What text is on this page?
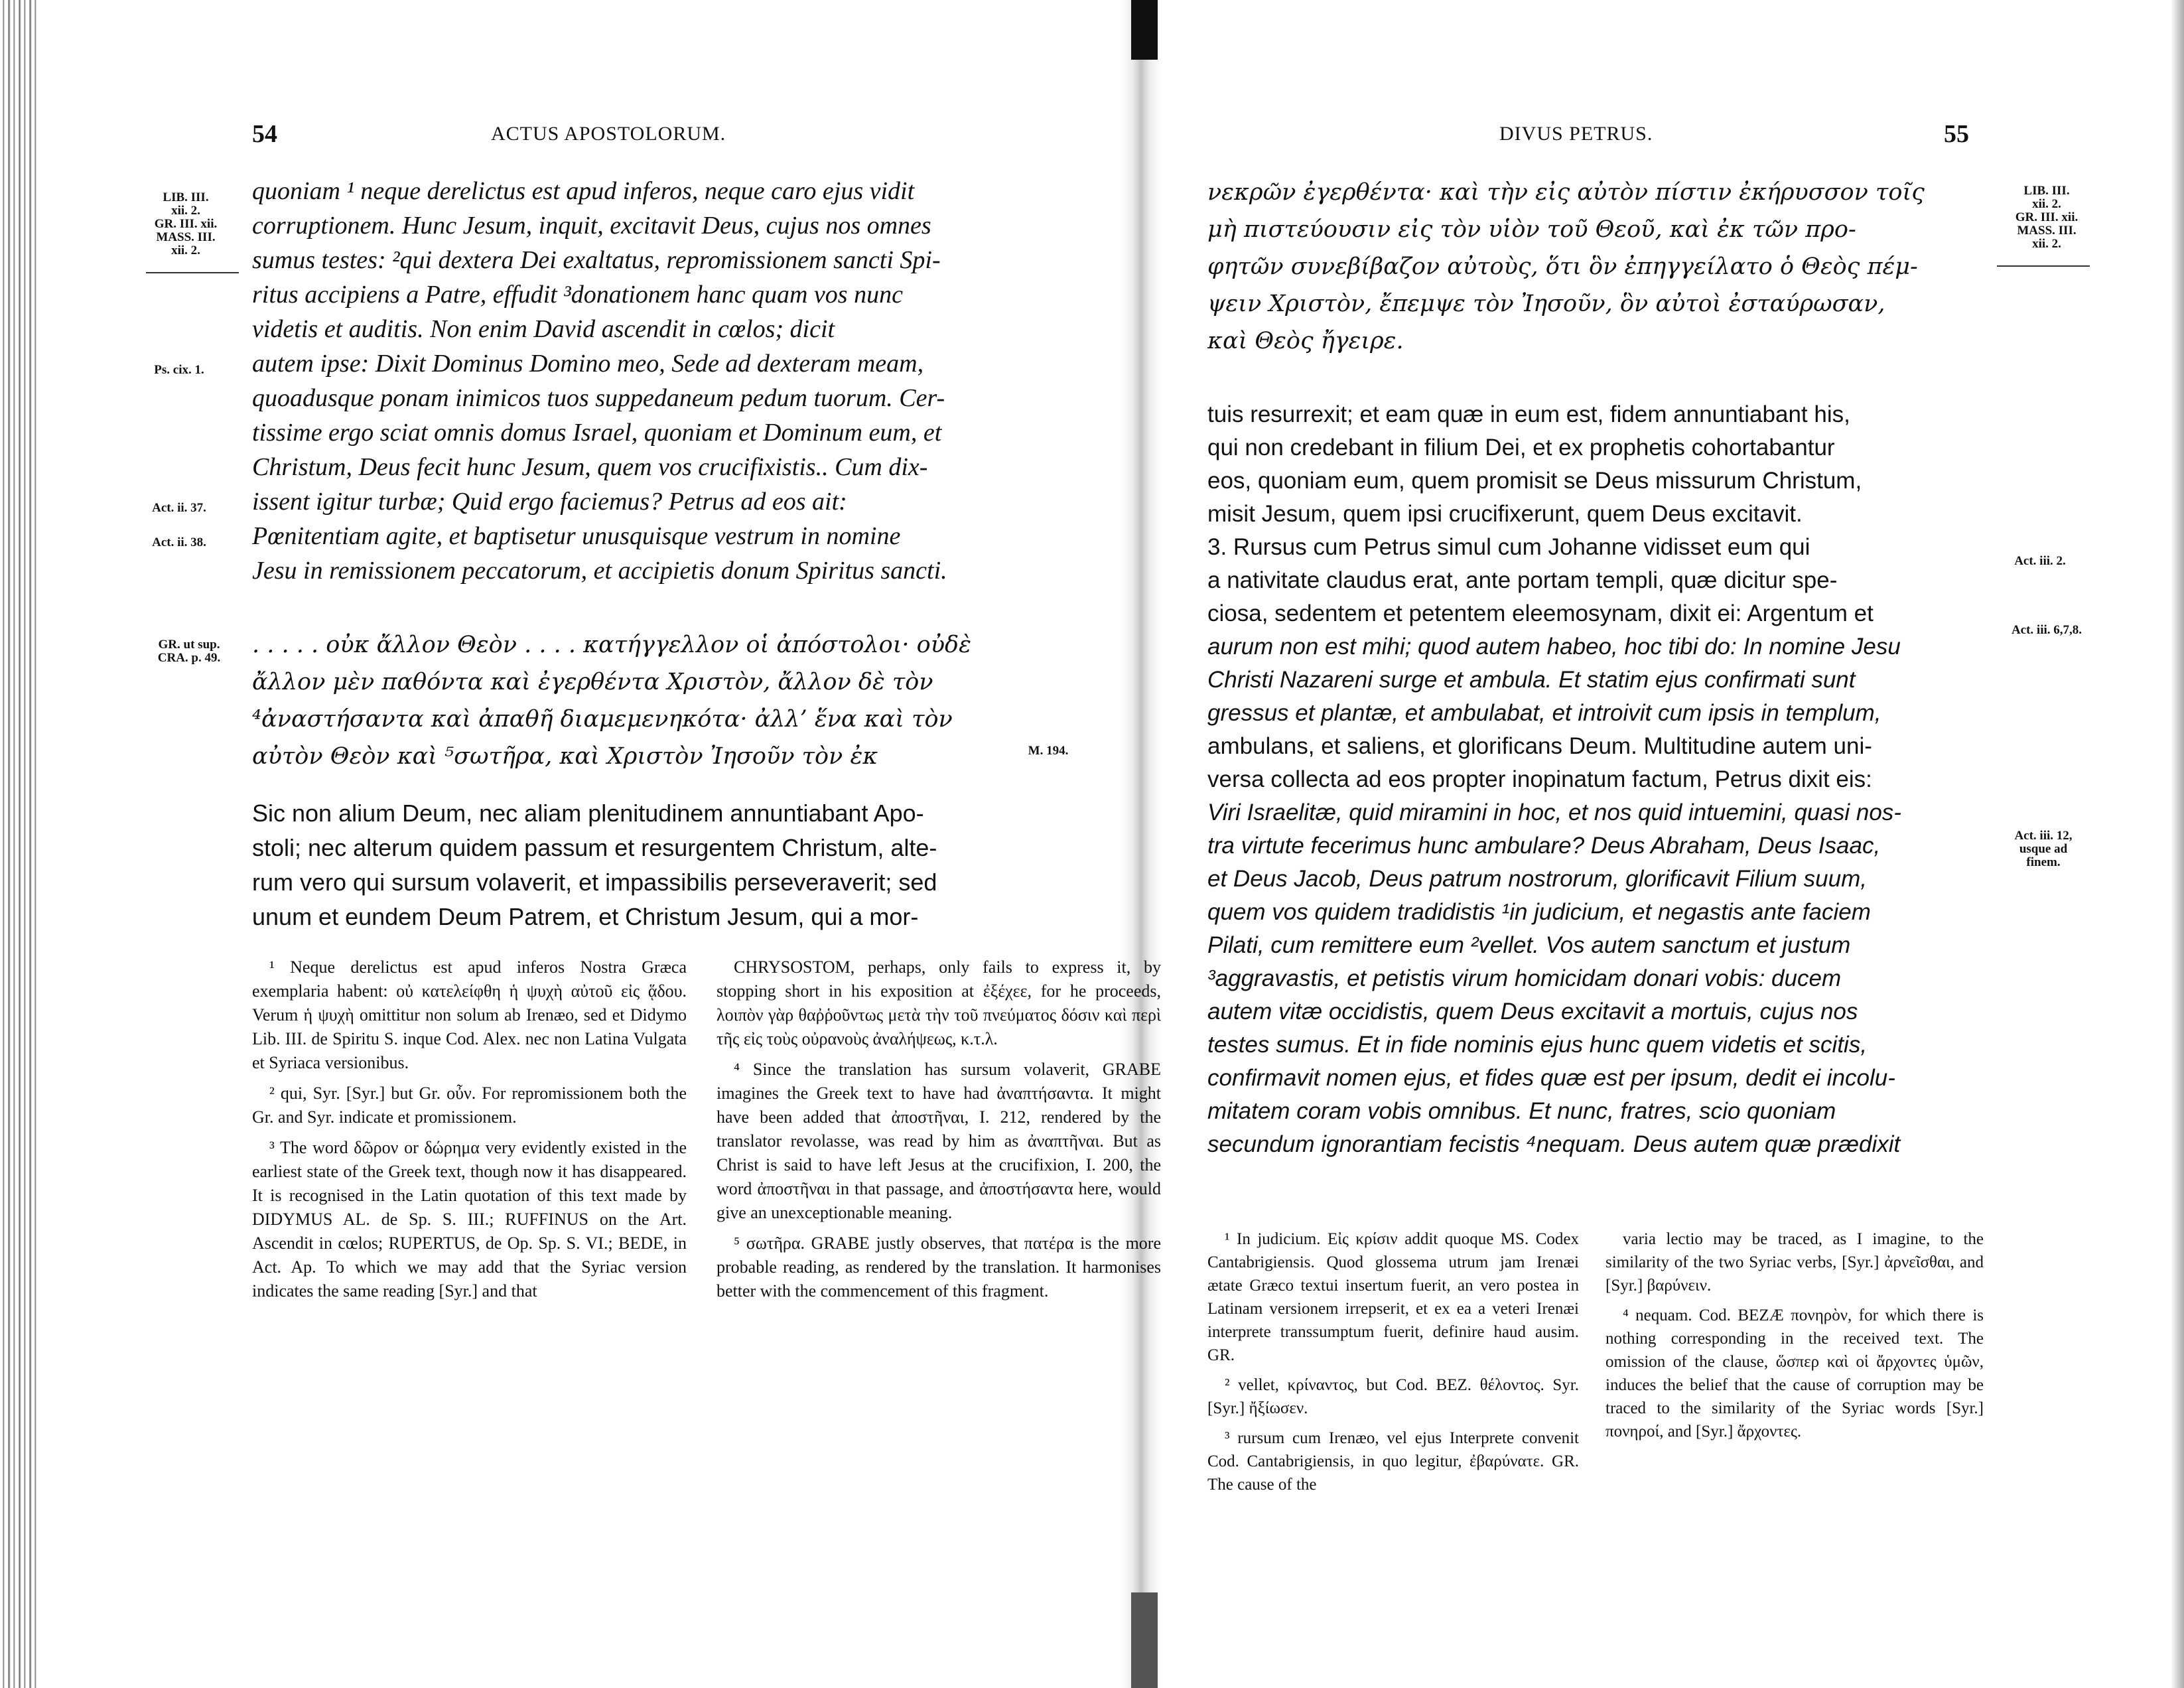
54	ACTUS APOSTOLORUM.
LIB. III.
xii. 2.
GR. III. xii.
MASS. III.
xii. 2.
Ps. cix. 1.
Act. ii. 37.
Act. ii. 38.
GR. ut sup.
CRA. p. 49.
M. 194.

quoniam ¹ neque derelictus est apud inferos, neque caro ejus vidit

corruptionem. Hunc Jesum, inquit, excitavit Deus, cujus nos omnes

sumus testes: ²qui dextera Dei exaltatus, repromissionem sancti Spi-

ritus accipiens a Patre, effudit ³donationem hanc quam vos nunc

videtis et auditis. Non enim David ascendit in cœlos; dicit

autem ipse: Dixit Dominus Domino meo, Sede ad dexteram meam,

quoadusque ponam inimicos tuos suppedaneum pedum tuorum. Cer-

tissime ergo sciat omnis domus Israel, quoniam et Dominum eum, et

Christum, Deus fecit hunc Jesum, quem vos crucifixistis.. Cum dix-

issent igitur turbæ; Quid ergo faciemus? Petrus ad eos ait:

Pœnitentiam agite, et baptisetur unusquisque vestrum in nomine

Jesu in remissionem peccatorum, et accipietis donum Spiritus sancti.

. . . . . οὐκ ἄλλον Θεὸν . . . . κατήγγελλον οἱ ἀπόστολοι· οὐδὲ

ἄλλον μὲν παθόντα καὶ ἐγερθέντα Χριστὸν, ἄλλον δὲ τὸν

⁴ἀναστήσαντα καὶ ἀπαθῆ διαμεμενηκότα· ἀλλ’ ἕνα καὶ τὸν

αὐτὸν Θεὸν καὶ ⁵σωτῆρα, καὶ Χριστὸν Ἰησοῦν τὸν ἐκ

Sic non alium Deum, nec aliam plenitudinem annuntiabant Apo-

stoli; nec alterum quidem passum et resurgentem Christum, alte-

rum vero qui sursum volaverit, et impassibilis perseveraverit; sed

unum et eundem Deum Patrem, et Christum Jesum, qui a mor-

¹ Neque derelictus est apud inferos Nostra Græca exemplaria habent: οὐ κατελείφθη ἡ ψυχὴ αὐτοῦ εἰς ᾅδου. Verum ἡ ψυχὴ omittitur non solum ab Irenæo, sed et Didymo Lib. III. de Spiritu S. inque Cod. Alex. nec non Latina Vulgata et Syriaca versionibus.

² qui, Syr. [Syr.] but Gr. οὖν. For repromissionem both the Gr. and Syr. indicate et promissionem.

³ The word δῶρον or δώρημα very evidently existed in the earliest state of the Greek text, though now it has disappeared. It is recognised in the Latin quotation of this text made by DIDYMUS AL. de Sp. S. III.; RUFFINUS on the Art. Ascendit in cœlos; RUPERTUS, de Op. Sp. S. VI.; BEDE, in Act. Ap. To which we may add that the Syriac version indicates the same reading [Syr.] and that

CHRYSOSTOM, perhaps, only fails to express it, by stopping short in his exposition at ἐξέχεε, for he proceeds, λοιπὸν γὰρ θαῤῥοῦντως μετὰ τὴν τοῦ πνεύματος δόσιν καὶ περὶ τῆς εἰς τοὺς οὐρανοὺς ἀναλήψεως, κ.τ.λ.

⁴ Since the translation has sursum volaverit, GRABE imagines the Greek text to have had ἀναπτήσαντα. It might have been added that ἀποστῆναι, I. 212, rendered by the translator revolasse, was read by him as ἀναπτῆναι. But as Christ is said to have left Jesus at the crucifixion, I. 200, the word ἀποστῆναι in that passage, and ἀποστήσαντα here, would give an unexceptionable meaning.

⁵ σωτῆρα. GRABE justly observes, that πατέρα is the more probable reading, as rendered by the translation. It harmonises better with the commencement of this fragment.

DIVUS PETRUS.	55
LIB. III.
xii. 2.
GR. III. xii.
MASS. III.
xii. 2.
Act. iii. 2.
Act. iii. 6,7,8.
Act. iii. 12,
usque ad
finem.

νεκρῶν ἐγερθέντα· καὶ τὴν εἰς αὐτὸν πίστιν ἐκήρυσσον τοῖς

μὴ πιστεύουσιν εἰς τὸν υἱὸν τοῦ Θεοῦ, καὶ ἐκ τῶν προ-

φητῶν συνεβίβαζον αὐτοὺς, ὅτι ὃν ἐπηγγείλατο ὁ Θεὸς πέμ-

ψειν Χριστὸν, ἔπεμψε τὸν Ἰησοῦν, ὃν αὐτοὶ ἐσταύρωσαν,

καὶ Θεὸς ἤγειρε.

tuis resurrexit; et eam quæ in eum est, fidem annuntiabant his,

qui non credebant in filium Dei, et ex prophetis cohortabantur

eos, quoniam eum, quem promisit se Deus missurum Christum,

misit Jesum, quem ipsi crucifixerunt, quem Deus excitavit.

3. Rursus cum Petrus simul cum Johanne vidisset eum qui

a nativitate claudus erat, ante portam templi, quæ dicitur spe-

ciosa, sedentem et petentem eleemosynam, dixit ei: Argentum et

aurum non est mihi; quod autem habeo, hoc tibi do: In nomine Jesu

Christi Nazareni surge et ambula. Et statim ejus confirmati sunt

gressus et plantæ, et ambulabat, et introivit cum ipsis in templum,

ambulans, et saliens, et glorificans Deum. Multitudine autem uni-

versa collecta ad eos propter inopinatum factum, Petrus dixit eis:

Viri Israelitæ, quid miramini in hoc, et nos quid intuemini, quasi nos-

tra virtute fecerimus hunc ambulare? Deus Abraham, Deus Isaac,

et Deus Jacob, Deus patrum nostrorum, glorificavit Filium suum,

quem vos quidem tradidistis ¹in judicium, et negastis ante faciem

Pilati, cum remittere eum ²vellet. Vos autem sanctum et justum

³aggravastis, et petistis virum homicidam donari vobis: ducem

autem vitæ occidistis, quem Deus excitavit a mortuis, cujus nos

testes sumus. Et in fide nominis ejus hunc quem videtis et scitis,

confirmavit nomen ejus, et fides quæ est per ipsum, dedit ei incolu-

mitatem coram vobis omnibus. Et nunc, fratres, scio quoniam

secundum ignorantiam fecistis ⁴nequam. Deus autem quæ prædixit

¹ In judicium. Εἰς κρίσιν addit quoque MS. Codex Cantabrigiensis. Quod glossema utrum jam Irenæi ætate Græco textui insertum fuerit, an vero postea in Latinam versionem irrepserit, et ex ea a veteri Irenæi interprete transsumptum fuerit, definire haud ausim. GR.

² vellet, κρίναντος, but Cod. BEZ. θέλοντος. Syr. [Syr.] ἤξίωσεν.

³ rursum cum Irenæo, vel ejus Interprete convenit Cod. Cantabrigiensis, in quo legitur, ἐβαρύνατε. GR. The cause of the

varia lectio may be traced, as I imagine, to the similarity of the two Syriac verbs, [Syr.] ἀρνεῖσθαι, and [Syr.] βαρύνειν.

⁴ nequam. Cod. BEZÆ πονηρὸν, for which there is nothing corresponding in the received text. The omission of the clause, ὥσπερ καὶ οἱ ἄρχοντες ὑμῶν, induces the belief that the cause of corruption may be traced to the similarity of the Syriac words [Syr.] πονηροί, and [Syr.] ἄρχοντες.
